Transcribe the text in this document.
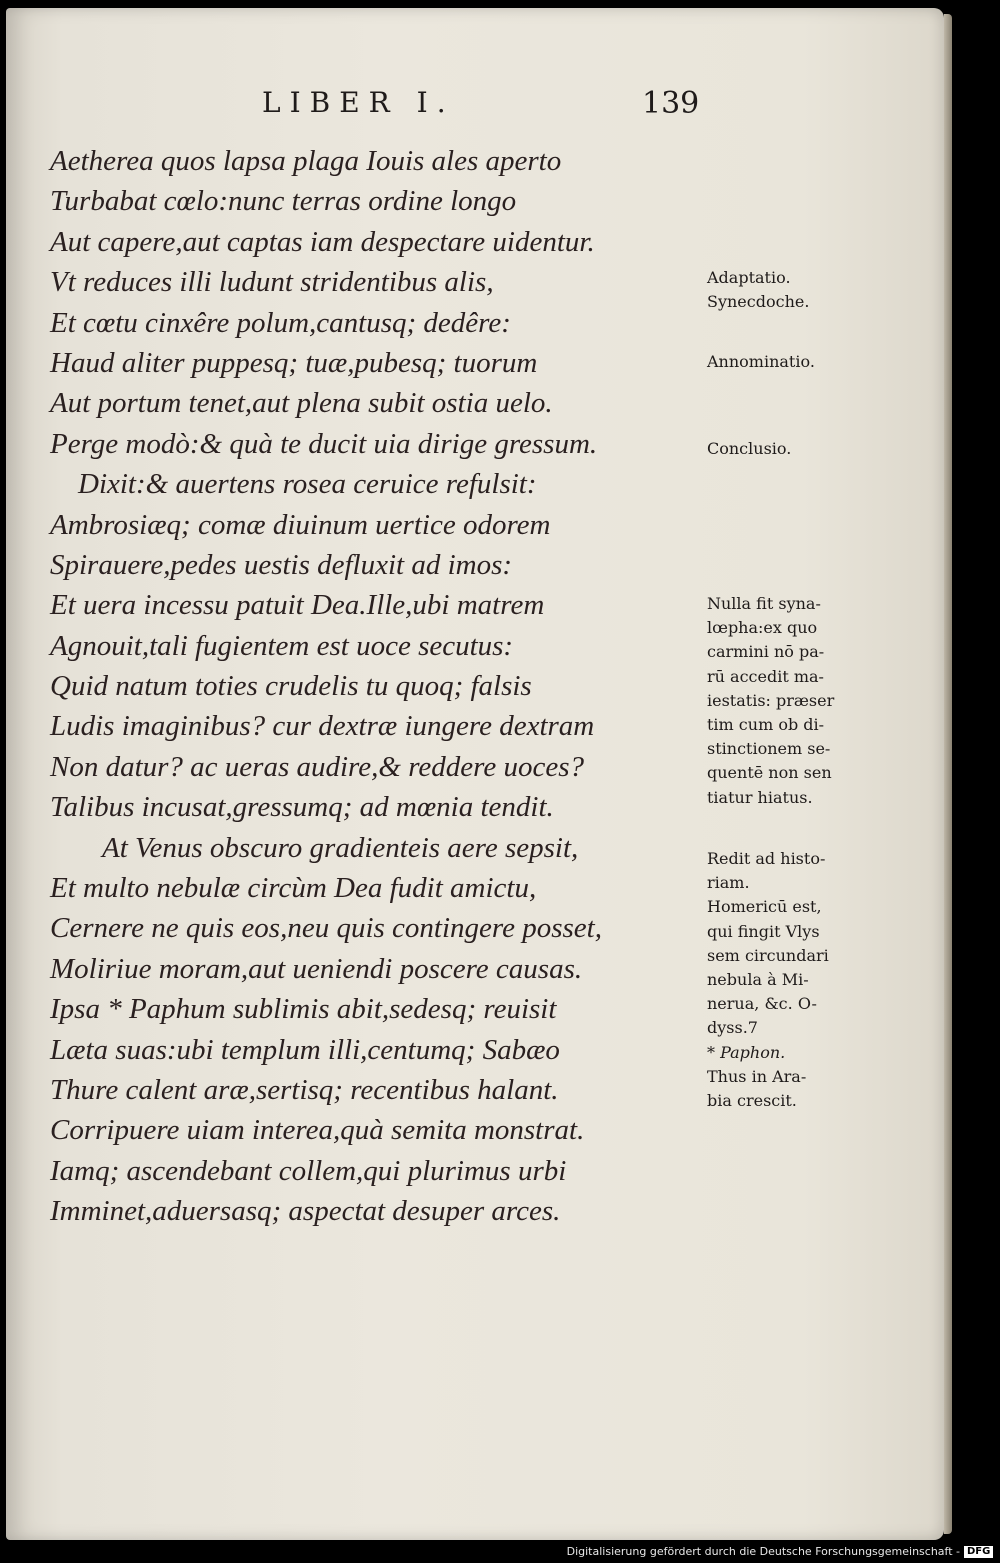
LIBER I.	139
Aetherea quos lapsa plaga Iouis ales aperto
Turbabat cœlo:nunc terras ordine longo
Aut capere,aut captas iam despectare uidentur.
Vt reduces illi ludunt stridentibus alis,
Et cœtu cinxêre polum,cantusq; dedêre:
Haud aliter puppesq; tuæ,pubesq; tuorum
Aut portum tenet,aut plena subit ostia uelo.
Perge modò:& quà te ducit uia dirige gressum.
Dixit:& auertens rosea ceruice refulsit:
Ambrosiæq; comæ diuinum uertice odorem
Spirauere,pedes uestis defluxit ad imos:
Et uera incessu patuit Dea.Ille,ubi matrem
Agnouit,tali fugientem est uoce secutus:
Quid natum toties crudelis tu quoq; falsis
Ludis imaginibus? cur dextræ iungere dextram
Non datur? ac ueras audire,& reddere uoces?
Talibus incusat,gressumq; ad mœnia tendit.
At Venus obscuro gradienteis aere sepsit,
Et multo nebulæ circùm Dea fudit amictu,
Cernere ne quis eos,neu quis contingere posset,
Moliriue moram,aut ueniendi poscere causas.
Ipsa * Paphum sublimis abit,sedesq; reuisit
Læta suas:ubi templum illi,centumq; Sabæo
Thure calent aræ,sertisq; recentibus halant.
Corripuere uiam interea,quà semita monstrat.
Iamq; ascendebant collem,qui plurimus urbi
Imminet,aduersasq; aspectat desuper arces.
Adaptatio.
Synecdoche.
Annominatio.
Conclusio.
Nulla fit syna-
lœpha:ex quo
carmini nō pa-
rū accedit ma-
iestatis: præser
tim cum ob di-
stinctionem se-
quentē non sen
tiatur hiatus.
Redit ad histo-
riam.
Homericū est,
qui fingit Vlys
sem circundari
nebula à Mi-
nerua, &c. O-
dyss.7
* Paphon.
Thus in Ara-
bia crescit.
Digitalisierung gefördert durch die Deutsche Forschungsgemeinschaft - DFG
